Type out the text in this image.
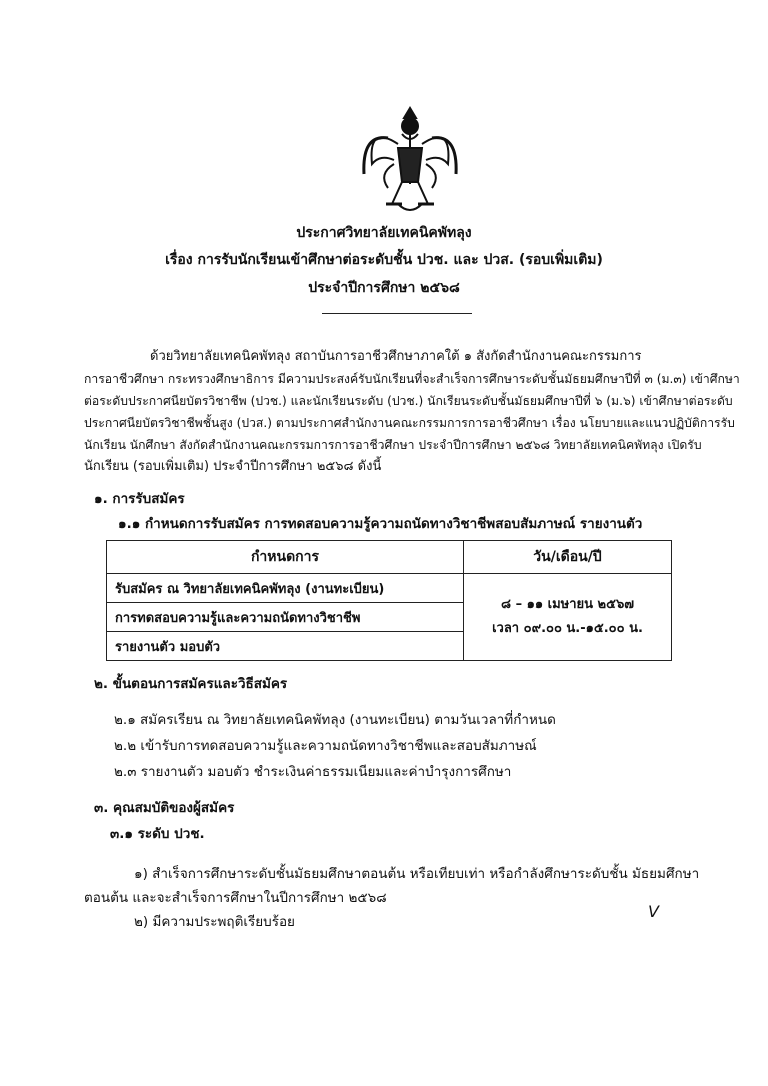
ประกาศวิทยาลัยเทคนิคพัทลุง
เรื่อง การรับนักเรียนเข้าศึกษาต่อระดับชั้น ปวช. และ ปวส. (รอบเพิ่มเติม)
ประจำปีการศึกษา ๒๕๖๘
ด้วยวิทยาลัยเทคนิคพัทลุง สถาบันการอาชีวศึกษาภาคใต้ ๑ สังกัดสำนักงานคณะกรรมการ
การอาชีวศึกษา กระทรวงศึกษาธิการ มีความประสงค์รับนักเรียนที่จะสำเร็จการศึกษาระดับชั้นมัธยมศึกษาปีที่ ๓ (ม.๓) เข้าศึกษา
ต่อระดับประกาศนียบัตรวิชาชีพ (ปวช.) และนักเรียนระดับ (ปวช.) นักเรียนระดับชั้นมัธยมศึกษาปีที่ ๖ (ม.๖) เข้าศึกษาต่อระดับ
ประกาศนียบัตรวิชาชีพชั้นสูง (ปวส.) ตามประกาศสำนักงานคณะกรรมการการอาชีวศึกษา เรื่อง นโยบายและแนวปฏิบัติการรับ
นักเรียน นักศึกษา สังกัดสำนักงานคณะกรรมการการอาชีวศึกษา ประจำปีการศึกษา ๒๕๖๘ วิทยาลัยเทคนิคพัทลุง เปิดรับ
นักเรียน (รอบเพิ่มเติม) ประจำปีการศึกษา ๒๕๖๘ ดังนี้
๑. การรับสมัคร
๑.๑ กำหนดการรับสมัคร การทดสอบความรู้ความถนัดทางวิชาชีพสอบสัมภาษณ์ รายงานตัว
กำหนดการ	วัน/เดือน/ปี
รับสมัคร ณ วิทยาลัยเทคนิคพัทลุง (งานทะเบียน)	๘ – ๑๑ เมษายน ๒๕๖๗
เวลา ๐๙.๐๐ น.-๑๕.๐๐ น.

การทดสอบความรู้และความถนัดทางวิชาชีพ	
รายงานตัว มอบตัว	
๒. ขั้นตอนการสมัครและวิธีสมัคร
๒.๑ สมัครเรียน ณ วิทยาลัยเทคนิคพัทลุง (งานทะเบียน) ตามวันเวลาที่กำหนด
๒.๒ เข้ารับการทดสอบความรู้และความถนัดทางวิชาชีพและสอบสัมภาษณ์
๒.๓ รายงานตัว มอบตัว ชำระเงินค่าธรรมเนียมและค่าบำรุงการศึกษา
๓. คุณสมบัติของผู้สมัคร
๓.๑ ระดับ ปวช.
๑) สำเร็จการศึกษาระดับชั้นมัธยมศึกษาตอนต้น หรือเทียบเท่า หรือกำลังศึกษาระดับชั้น มัธยมศึกษา
ตอนต้น และจะสำเร็จการศึกษาในปีการศึกษา ๒๕๖๘
๒) มีความประพฤติเรียบร้อย
V
